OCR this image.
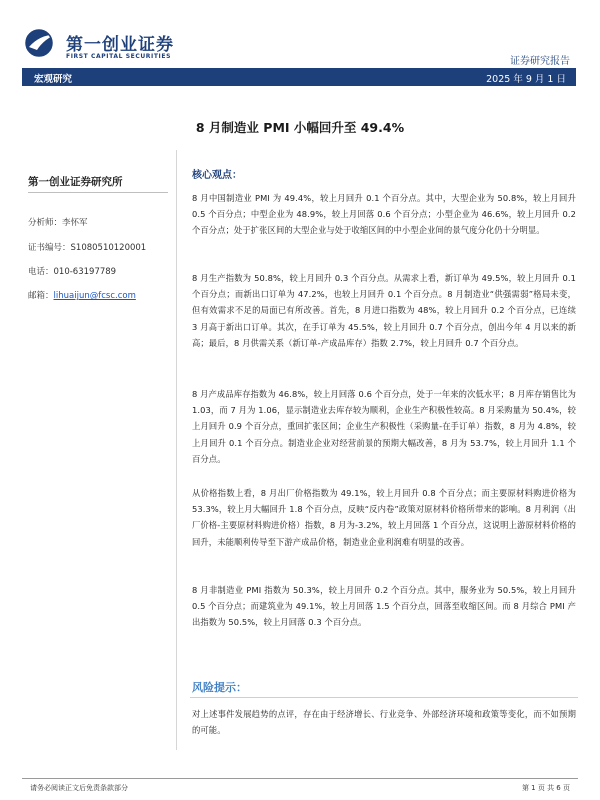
第一创业证券
FIRST CAPITAL SECURITIES	证券研究报告
宏观研究	2025 年 9 月 1 日
8 月制造业 PMI 小幅回升至 49.4%
第一创业证券研究所
分析师：李怀军
证书编号：S1080510120001
电话：010-63197789
邮箱：lihuaijun@fcsc.com
核心观点：
8 月中国制造业 PMI 为 49.4%，较上月回升 0.1 个百分点。其中，大型企业为 50.8%，较上月回升 0.5 个百分点；中型企业为 48.9%，较上月回落 0.6 个百分点；小型企业为 46.6%，较上月回升 0.2 个百分点；处于扩张区间的大型企业与处于收缩区间的中小型企业间的景气度分化仍十分明显。
8 月生产指数为 50.8%，较上月回升 0.3 个百分点。从需求上看，新订单为 49.5%，较上月回升 0.1 个百分点；而新出口订单为 47.2%，也较上月回升 0.1 个百分点。8 月制造业“供强需弱”格局未变，但有效需求不足的局面已有所改善。首先，8 月进口指数为 48%，较上月回升 0.2 个百分点，已连续 3 月高于新出口订单。其次，在手订单为 45.5%，较上月回升 0.7 个百分点，创出今年 4 月以来的新高；最后，8 月供需关系（新订单-产成品库存）指数 2.7%，较上月回升 0.7 个百分点。
8 月产成品库存指数为 46.8%，较上月回落 0.6 个百分点，处于一年来的次低水平；8 月库存销售比为 1.03，而 7 月为 1.06，显示制造业去库存较为顺利，企业生产积极性较高。8 月采购量为 50.4%，较上月回升 0.9 个百分点，重回扩张区间；企业生产积极性（采购量-在手订单）指数，8 月为 4.8%，较上月回升 0.1 个百分点。制造业企业对经营前景的预期大幅改善，8 月为 53.7%，较上月回升 1.1 个百分点。
从价格指数上看，8 月出厂价格指数为 49.1%，较上月回升 0.8 个百分点；而主要原材料购进价格为 53.3%，较上月大幅回升 1.8 个百分点，反映“反内卷”政策对原材料价格所带来的影响。8 月利润（出厂价格-主要原材料购进价格）指数，8 月为-3.2%，较上月回落 1 个百分点，这说明上游原材料价格的回升，未能顺利传导至下游产成品价格，制造业企业利润难有明显的改善。
8 月非制造业 PMI 指数为 50.3%，较上月回升 0.2 个百分点。其中，服务业为 50.5%，较上月回升 0.5 个百分点；而建筑业为 49.1%，较上月回落 1.5 个百分点，回落至收缩区间。而 8 月综合 PMI 产出指数为 50.5%，较上月回落 0.3 个百分点。
风险提示：
对上述事件发展趋势的点评，存在由于经济增长、行业竞争、外部经济环境和政策等变化，而不如预期的可能。
请务必阅读正文后免责条款部分	第 1 页 共 6 页
